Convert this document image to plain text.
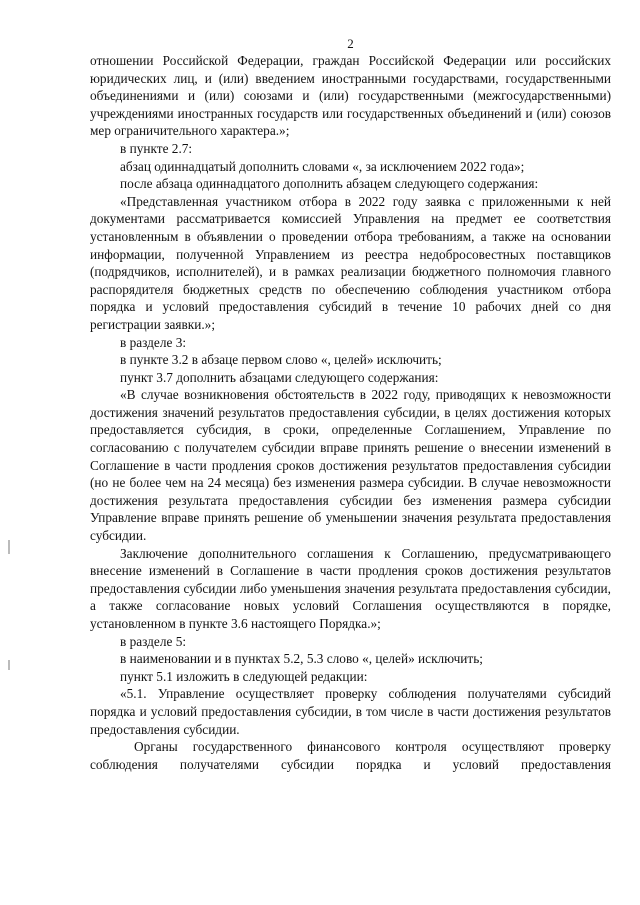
2

отношении Российской Федерации, граждан Российской Федерации или российских юридических лиц, и (или) введением иностранными государствами, государственными объединениями и (или) союзами и (или) государственными (межгосударственными) учреждениями иностранных государств или государственных объединений и (или) союзов мер ограничительного характера.»;

в пункте 2.7:

абзац одиннадцатый дополнить словами «, за исключением 2022 года»;

после абзаца одиннадцатого дополнить абзацем следующего содержания:

«Представленная участником отбора в 2022 году заявка с приложенными к ней документами рассматривается комиссией Управления на предмет ее соответствия установленным в объявлении о проведении отбора требованиям, а также на основании информации, полученной Управлением из реестра недобросовестных поставщиков (подрядчиков, исполнителей), и в рамках реализации бюджетного полномочия главного распорядителя бюджетных средств по обеспечению соблюдения участником отбора порядка и условий предоставления субсидий в течение 10 рабочих дней со дня регистрации заявки.»;

в разделе 3:

в пункте 3.2 в абзаце первом слово «, целей» исключить;

пункт 3.7 дополнить абзацами следующего содержания:

«В случае возникновения обстоятельств в 2022 году, приводящих к невозможности достижения значений результатов предоставления субсидии, в целях достижения которых предоставляется субсидия, в сроки, определенные Соглашением, Управление по согласованию с получателем субсидии вправе принять решение о внесении изменений в Соглашение в части продления сроков достижения результатов предоставления субсидии (но не более чем на 24 месяца) без изменения размера субсидии. В случае невозможности достижения результата предоставления субсидии без изменения размера субсидии Управление вправе принять решение об уменьшении значения результата предоставления субсидии.

Заключение дополнительного соглашения к Соглашению, предусматривающего внесение изменений в Соглашение в части продления сроков достижения результатов предоставления субсидии либо уменьшения значения результата предоставления субсидии, а также согласование новых условий Соглашения осуществляются в порядке, установленном в пункте 3.6 настоящего Порядка.»;

в разделе 5:

в наименовании и в пунктах 5.2, 5.3 слово «, целей» исключить;

пункт 5.1 изложить в следующей редакции:

«5.1. Управление осуществляет проверку соблюдения получателями субсидий порядка и условий предоставления субсидии, в том числе в части достижения результатов предоставления субсидии.

Органы государственного финансового контроля осуществляют проверку соблюдения получателями субсидии порядка и условий предоставления
